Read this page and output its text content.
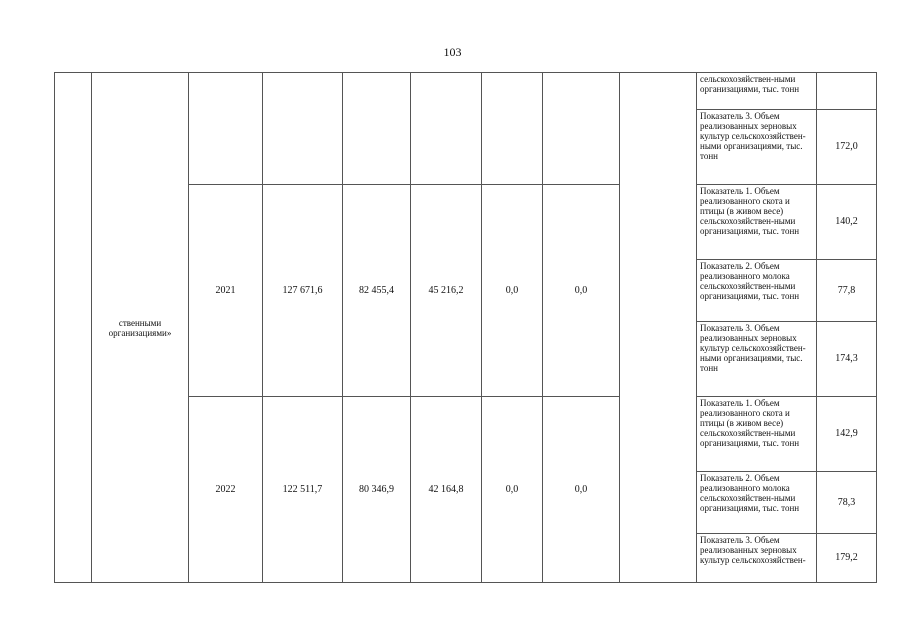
103
	ственными организациями»								сельскохозяйствен-ными организациями, тыс. тонн	
									Показатель 3. Объем реализованных зерновых культур сельскохозяйствен-ными организациями, тыс. тонн	172,0
		2021	127 671,6	82 455,4	45 216,2	0,0	0,0		Показатель 1. Объем реализованного скота и птицы (в живом весе) сельскохозяйствен-ными организациями, тыс. тонн	140,2
									Показатель 2. Объем реализованного молока сельскохозяйствен-ными организациями, тыс. тонн	77,8
									Показатель 3. Объем реализованных зерновых культур сельскохозяйствен-ными организациями, тыс. тонн	174,3
		2022	122 511,7	80 346,9	42 164,8	0,0	0,0		Показатель 1. Объем реализованного скота и птицы (в живом весе) сельскохозяйствен-ными организациями, тыс. тонн	142,9
									Показатель 2. Объем реализованного молока сельскохозяйствен-ными организациями, тыс. тонн	78,3
									Показатель 3. Объем реализованных зерновых культур сельскохозяйствен-	179,2
